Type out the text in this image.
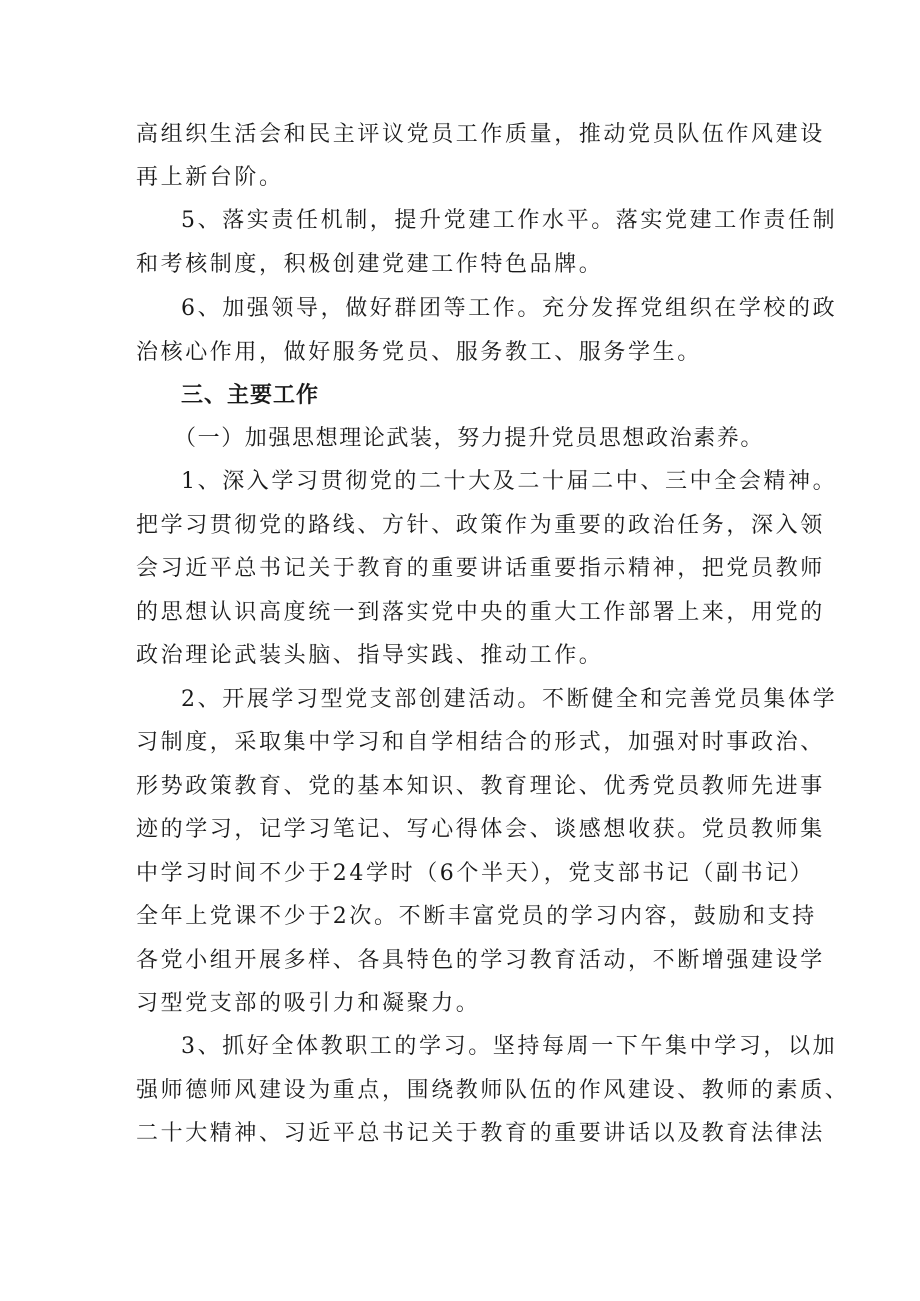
高组织生活会和民主评议党员工作质量，推动党员队伍作风建设
再上新台阶。
5、落实责任机制，提升党建工作水平。落实党建工作责任制
和考核制度，积极创建党建工作特色品牌。
6、加强领导，做好群团等工作。充分发挥党组织在学校的政
治核心作用，做好服务党员、服务教工、服务学生。
三、主要工作
（一）加强思想理论武装，努力提升党员思想政治素养。
1、深入学习贯彻党的二十大及二十届二中、三中全会精神。
把学习贯彻党的路线、方针、政策作为重要的政治任务，深入领
会习近平总书记关于教育的重要讲话重要指示精神，把党员教师
的思想认识高度统一到落实党中央的重大工作部署上来，用党的
政治理论武装头脑、指导实践、推动工作。
2、开展学习型党支部创建活动。不断健全和完善党员集体学
习制度，采取集中学习和自学相结合的形式，加强对时事政治、
形势政策教育、党的基本知识、教育理论、优秀党员教师先进事
迹的学习，记学习笔记、写心得体会、谈感想收获。党员教师集
中学习时间不少于24学时（6个半天），党支部书记（副书记）
全年上党课不少于2次。不断丰富党员的学习内容，鼓励和支持
各党小组开展多样、各具特色的学习教育活动，不断增强建设学
习型党支部的吸引力和凝聚力。
3、抓好全体教职工的学习。坚持每周一下午集中学习，以加
强师德师风建设为重点，围绕教师队伍的作风建设、教师的素质、
二十大精神、习近平总书记关于教育的重要讲话以及教育法律法
